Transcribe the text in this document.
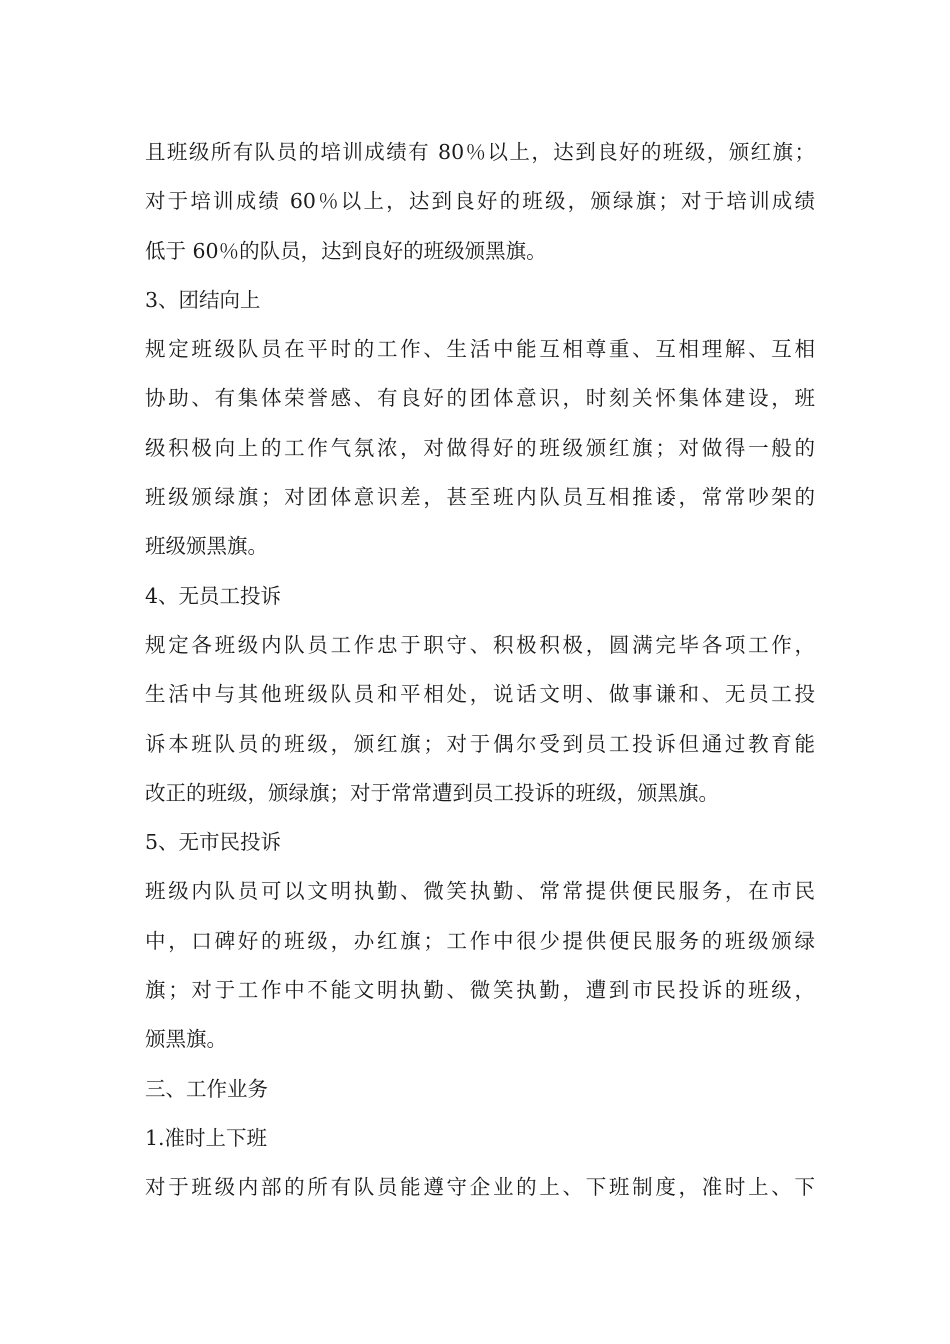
且班级所有队员的培训成绩有 80％以上，达到良好的班级，颁红旗；
对于培训成绩 60％以上，达到良好的班级，颁绿旗；对于培训成绩
低于 60％的队员，达到良好的班级颁黑旗。
3、团结向上
规定班级队员在平时的工作、生活中能互相尊重、互相理解、互相
协助、有集体荣誉感、有良好的团体意识，时刻关怀集体建设，班
级积极向上的工作气氛浓，对做得好的班级颁红旗；对做得一般的
班级颁绿旗；对团体意识差，甚至班内队员互相推诿，常常吵架的
班级颁黑旗。
4、无员工投诉
规定各班级内队员工作忠于职守、积极积极，圆满完毕各项工作，
生活中与其他班级队员和平相处，说话文明、做事谦和、无员工投
诉本班队员的班级，颁红旗；对于偶尔受到员工投诉但通过教育能
改正的班级，颁绿旗；对于常常遭到员工投诉的班级，颁黑旗。
5、无市民投诉
班级内队员可以文明执勤、微笑执勤、常常提供便民服务，在市民
中，口碑好的班级，办红旗；工作中很少提供便民服务的班级颁绿
旗；对于工作中不能文明执勤、微笑执勤，遭到市民投诉的班级，
颁黑旗。
三、工作业务
1.准时上下班
对于班级内部的所有队员能遵守企业的上、下班制度，准时上、下
